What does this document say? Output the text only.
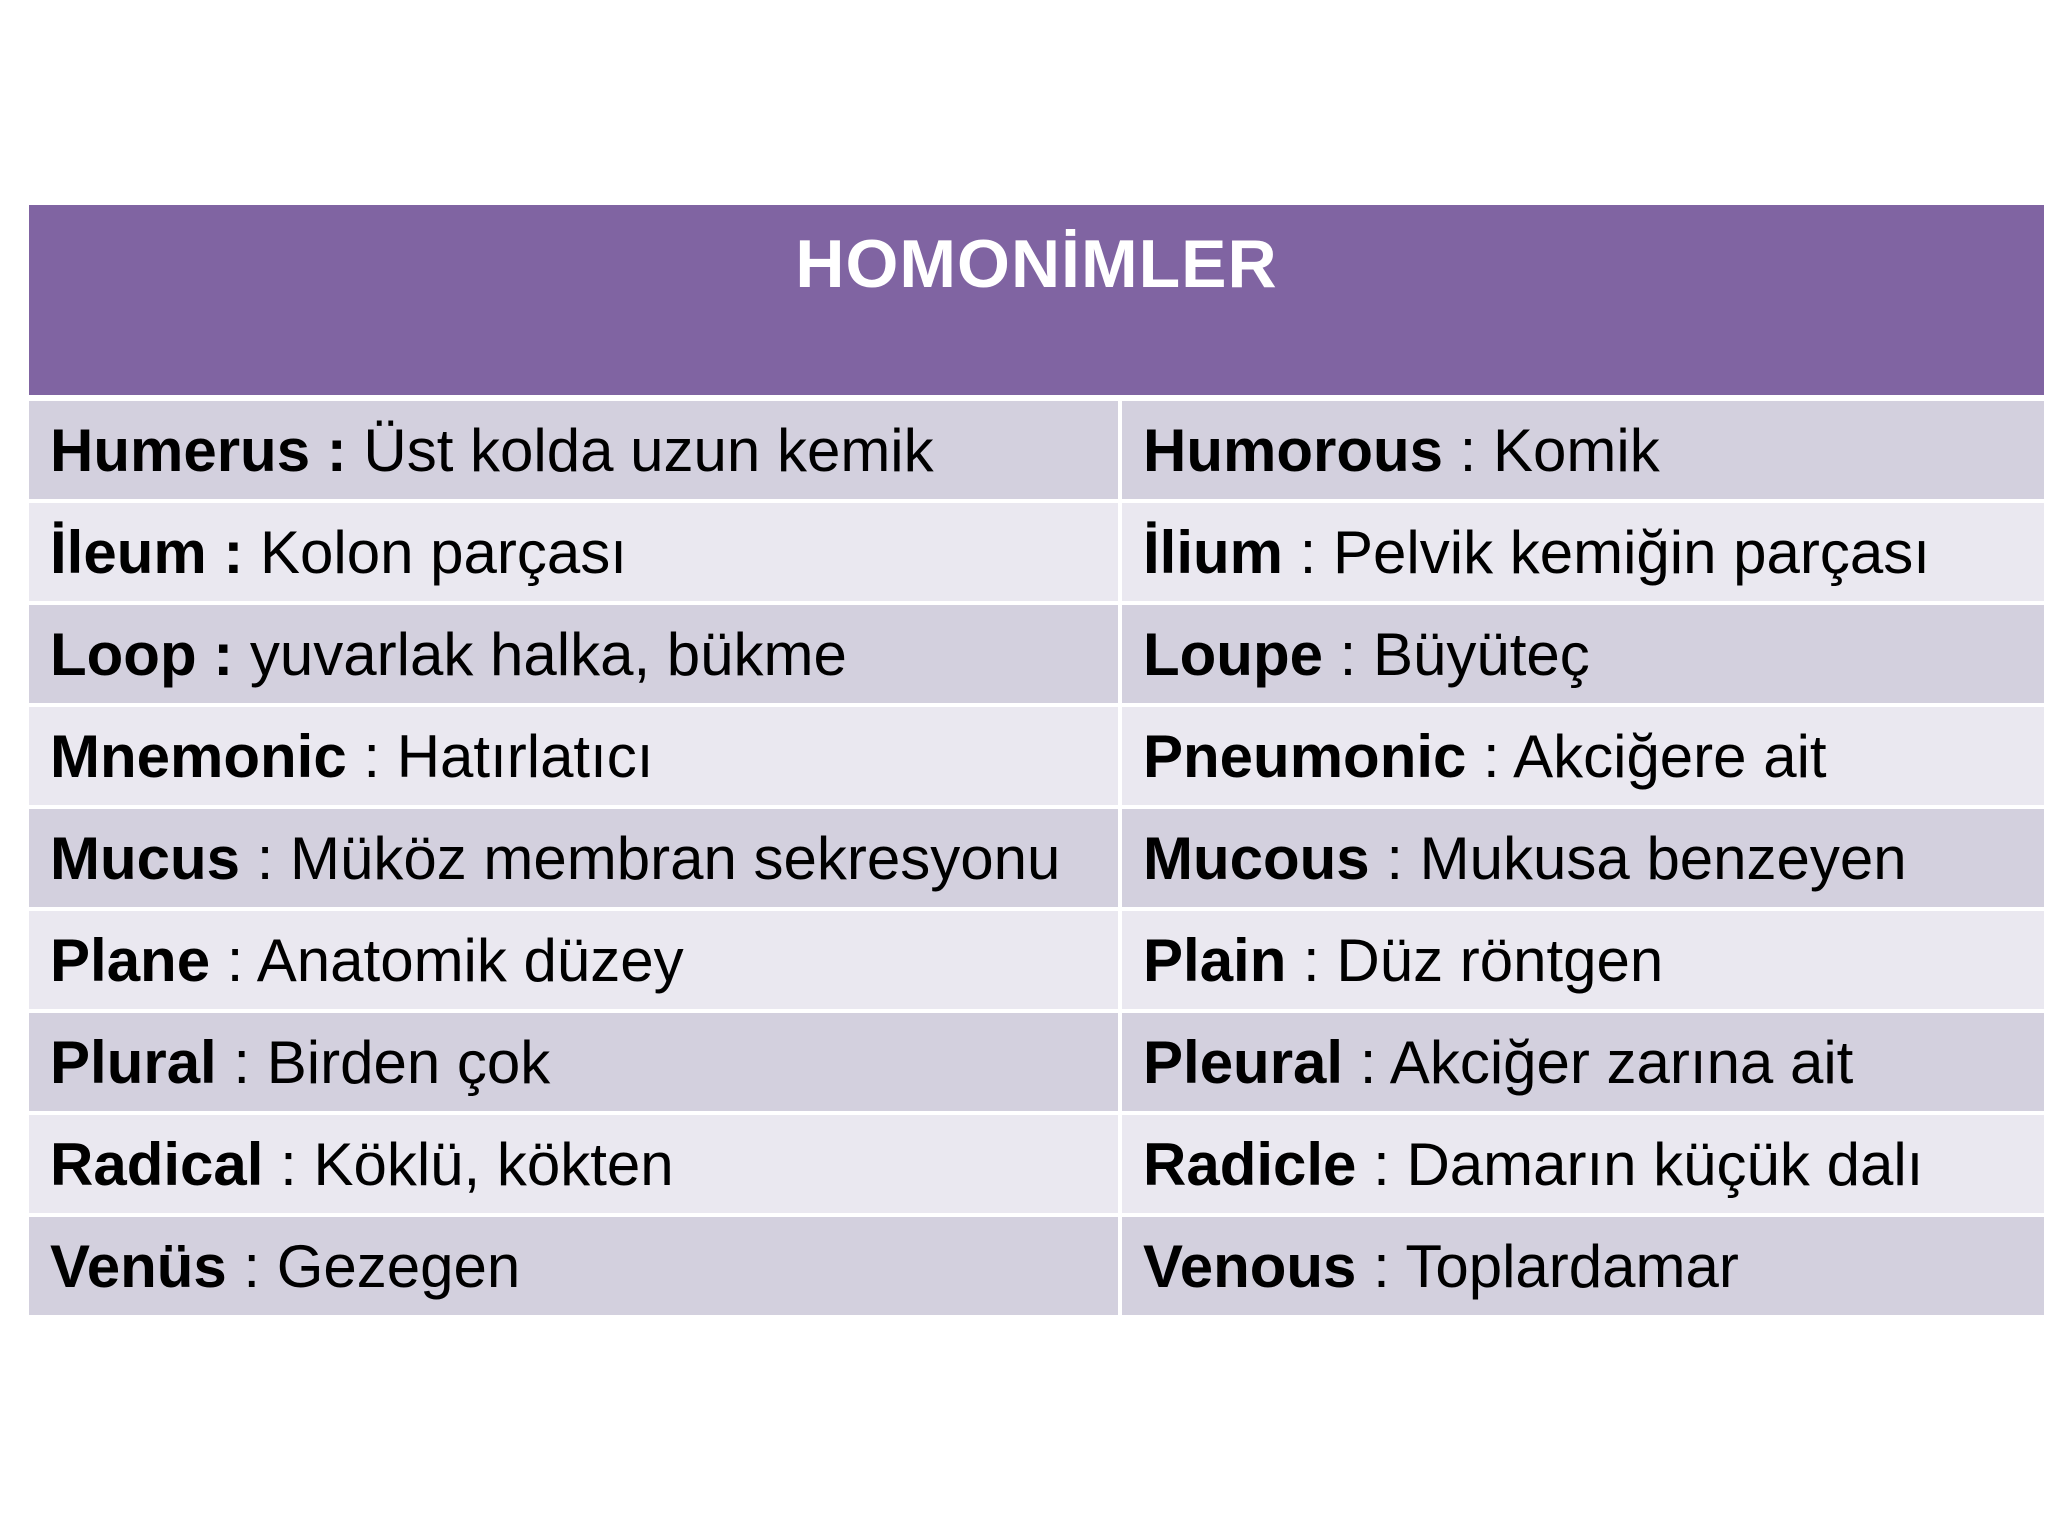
HOMONİMLER	
Humerus : Üst kolda uzun kemik	Humorous : Komik
İleum : Kolon parçası	İlium : Pelvik kemiğin parçası
Loop : yuvarlak halka, bükme	Loupe : Büyüteç
Mnemonic : Hatırlatıcı	Pneumonic : Akciğere ait
Mucus : Müköz membran sekresyonu	Mucous : Mukusa benzeyen
Plane : Anatomik düzey	Plain : Düz röntgen
Plural : Birden çok	Pleural : Akciğer zarına ait
Radical : Köklü, kökten	Radicle : Damarın küçük dalı
Venüs : Gezegen	Venous : Toplardamar
